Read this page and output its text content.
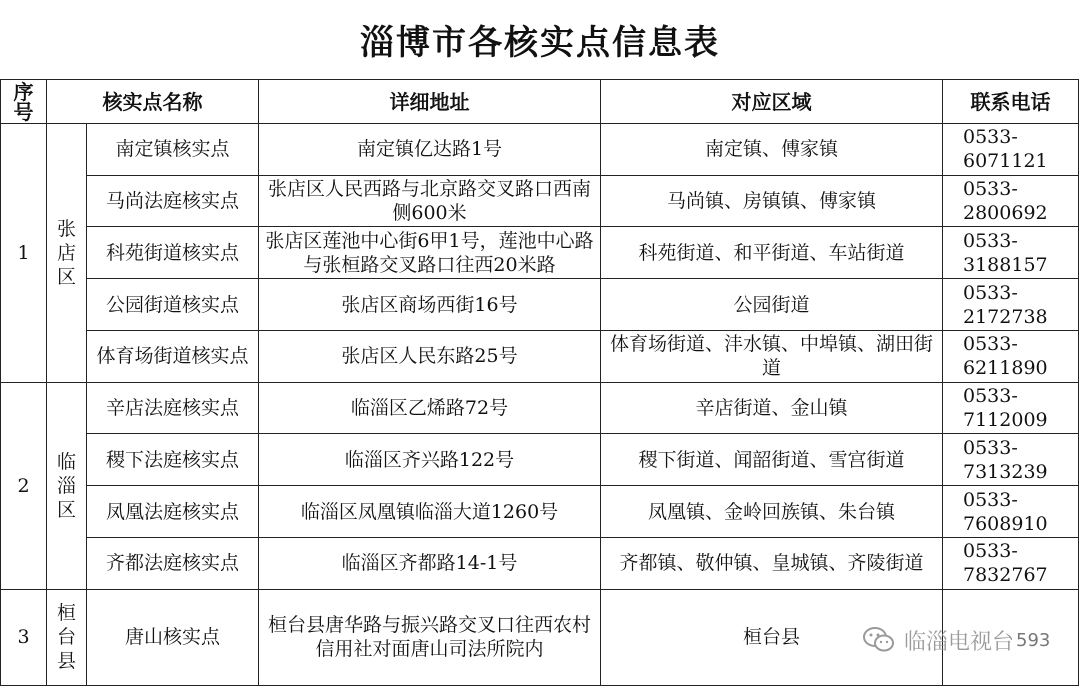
淄博市各核实点信息表
序号	核实点名称		详细地址	对应区域	联系电话
1	张店区	南定镇核实点	南定镇亿达路1号	南定镇、傅家镇	0533-6071121
		马尚法庭核实点	张店区人民西路与北京路交叉路口西南侧600米	马尚镇、房镇镇、傅家镇	0533-2800692
		科苑街道核实点	张店区莲池中心街6甲1号，莲池中心路与张桓路交叉路口往西20米路	科苑街道、和平街道、车站街道	0533-3188157
		公园街道核实点	张店区商场西街16号	公园街道	0533-2172738
		体育场街道核实点	张店区人民东路25号	体育场街道、沣水镇、中埠镇、湖田街道	0533-6211890
2	临淄区	辛店法庭核实点	临淄区乙烯路72号	辛店街道、金山镇	0533-7112009
		稷下法庭核实点	临淄区齐兴路122号	稷下街道、闻韶街道、雪宫街道	0533-7313239
		凤凰法庭核实点	临淄区凤凰镇临淄大道1260号	凤凰镇、金岭回族镇、朱台镇	0533-7608910
		齐都法庭核实点	临淄区齐都路14-1号	齐都镇、敬仲镇、皇城镇、齐陵街道	0533-7832767
3	桓台县	唐山核实点	桓台县唐华路与振兴路交叉口往西农村信用社对面唐山司法所院内	桓台县		临淄电视台 593
